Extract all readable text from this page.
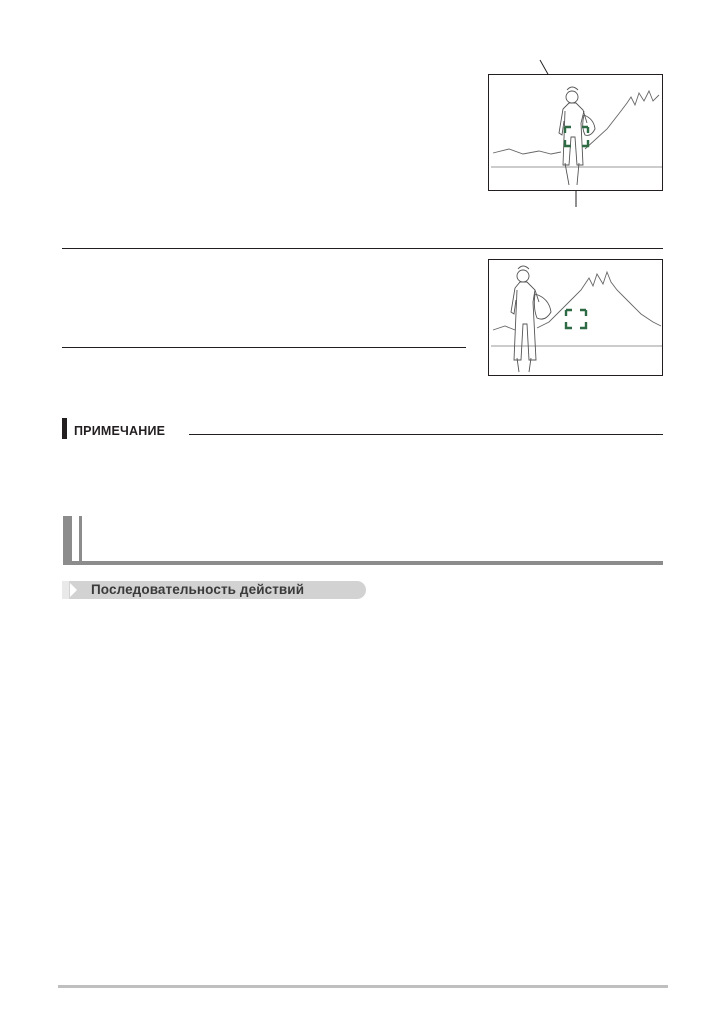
ПРИМЕЧАНИЕ
Последовательность действий
